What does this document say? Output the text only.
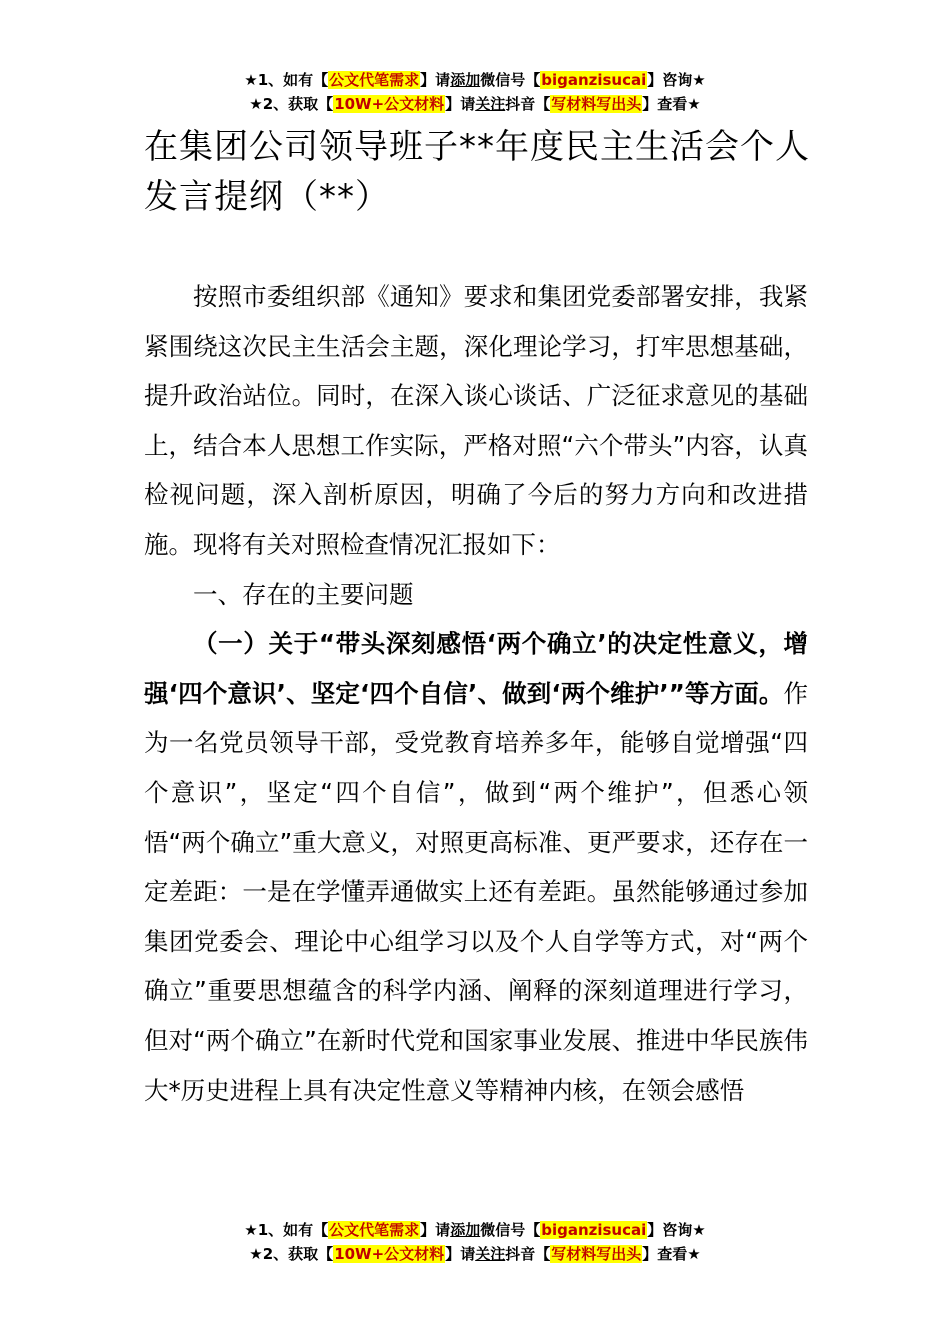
★1、如有【公文代笔需求】请添加微信号【biganzisucai】咨询★
★2、获取【10W+公文材料】请关注抖音【写材料写出头】查看★
在集团公司领导班子**年度民主生活会个人发言提纲（**）

按照市委组织部《通知》要求和集团党委部署安排，我紧紧围绕这次民主生活会主题，深化理论学习，打牢思想基础，提升政治站位。同时，在深入谈心谈话、广泛征求意见的基础上，结合本人思想工作实际，严格对照“六个带头”内容，认真检视问题，深入剖析原因，明确了今后的努力方向和改进措施。现将有关对照检查情况汇报如下：

一、存在的主要问题

（一）关于“带头深刻感悟‘两个确立’的决定性意义，增强‘四个意识’、坚定‘四个自信’、做到‘两个维护’”等方面。作为一名党员领导干部，受党教育培养多年，能够自觉增强“四个意识”，坚定“四个自信”，做到“两个维护”，但悉心领悟“两个确立”重大意义，对照更高标准、更严要求，还存在一定差距：一是在学懂弄通做实上还有差距。虽然能够通过参加集团党委会、理论中心组学习以及个人自学等方式，对“两个确立”重要思想蕴含的科学内涵、阐释的深刻道理进行学习，但对“两个确立”在新时代党和国家事业发展、推进中华民族伟大*历史进程上具有决定性意义等精神内核，在领会感悟

★1、如有【公文代笔需求】请添加微信号【biganzisucai】咨询★
★2、获取【10W+公文材料】请关注抖音【写材料写出头】查看★
